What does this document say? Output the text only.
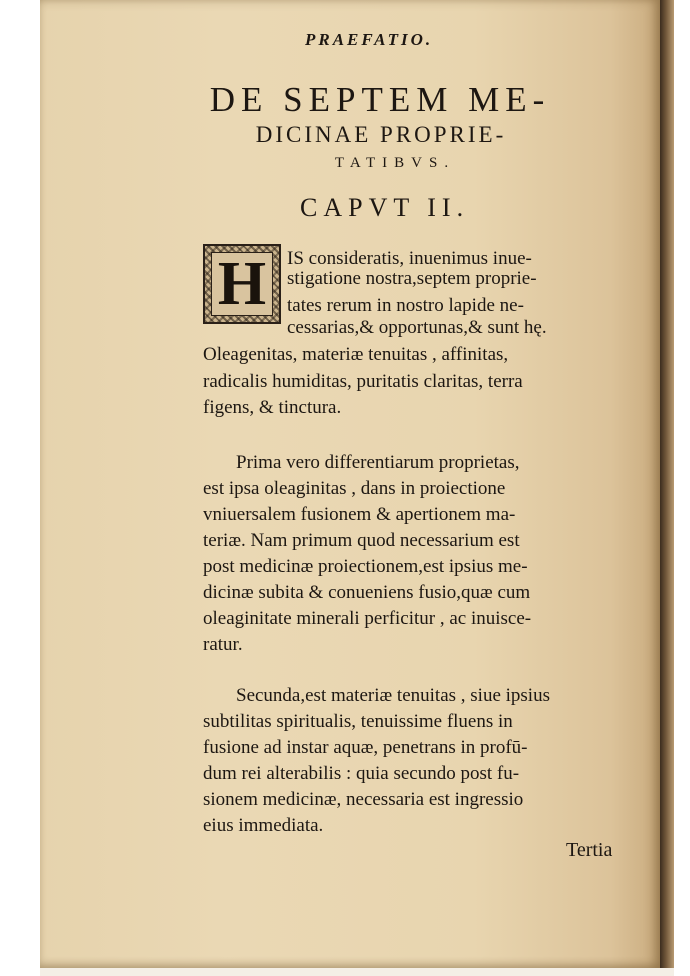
PRAEFATIO.
DE SEPTEM ME-
DICINAE PROPRIE-
TATIBVS.
CAPVT II.
H	IS consideratis, inuenimus inue-
stigatione nostra,septem proprie-
tates rerum in nostro lapide ne-
cessarias,& opportunas,& sunt hę.
Oleagenitas, materiæ tenuitas , affinitas,
radicalis humiditas, puritatis claritas, terra
figens, & tinctura.
Prima vero differentiarum proprietas,
est ipsa oleaginitas , dans in proiectione
vniuersalem fusionem & apertionem ma-
teriæ. Nam primum quod necessarium est
post medicinæ proiectionem,est ipsius me-
dicinæ subita & conueniens fusio,quæ cum
oleaginitate minerali perficitur , ac inuisce-
ratur.
Secunda,est materiæ tenuitas , siue ipsius
subtilitas spiritualis, tenuissime fluens in
fusione ad instar aquæ, penetrans in profū-
dum rei alterabilis : quia secundo post fu-
sionem medicinæ, necessaria est ingressio
eius immediata.
Tertia
